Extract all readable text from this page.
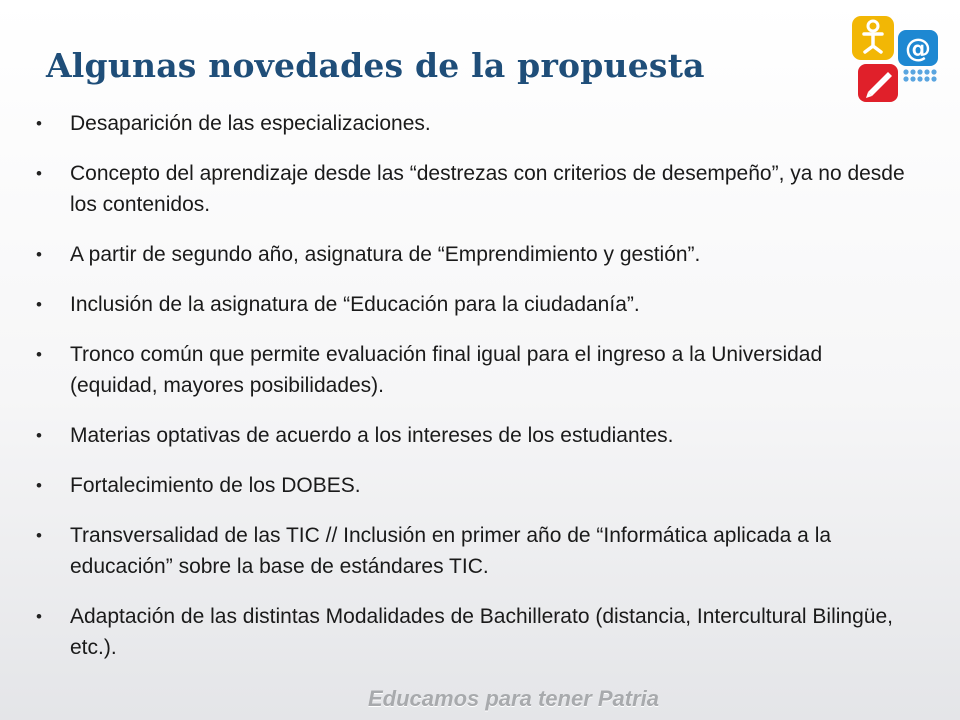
Algunas novedades de la propuesta	@
• Desaparición de las especializaciones.
• Concepto del aprendizaje desde las “destrezas con criterios de desempeño”, ya no desde los contenidos.
• A partir de segundo año, asignatura de “Emprendimiento y gestión”.
• Inclusión de la asignatura de “Educación para la ciudadanía”.
• Tronco común que permite evaluación final igual para el ingreso a la Universidad (equidad, mayores posibilidades).
• Materias optativas de acuerdo a los intereses de los estudiantes.
• Fortalecimiento de los DOBES.
• Transversalidad de las TIC // Inclusión en primer año de “Informática aplicada a la educación” sobre la base de estándares TIC.
• Adaptación de las distintas Modalidades de Bachillerato (distancia, Intercultural Bilingüe, etc.).
Educamos para tener Patria
